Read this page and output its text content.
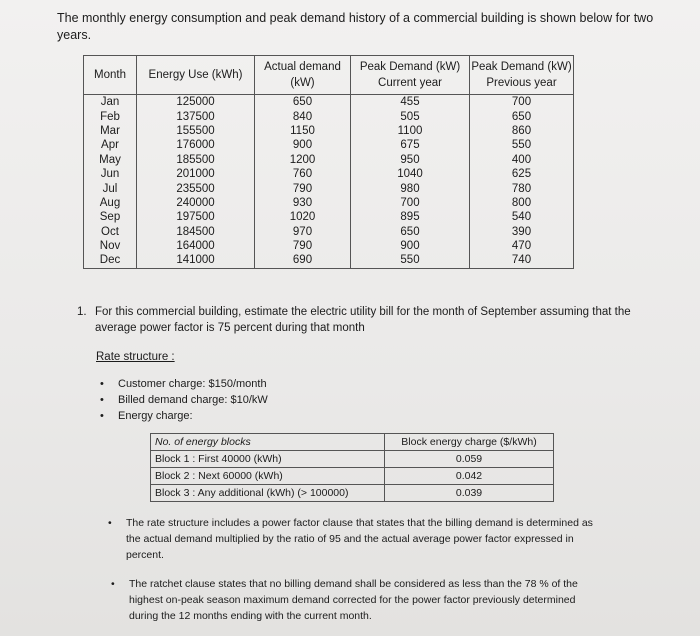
The monthly energy consumption and peak demand history of a commercial building is shown below for two years.
Month	Energy Use (kWh)	Actual demand (kW)	Peak Demand (kW) Current year	Peak Demand (kW) Previous year
Jan	125000	650	455	700
Feb	137500	840	505	650
Mar	155500	1150	1100	860
Apr	176000	900	675	550
May	185500	1200	950	400
Jun	201000	760	1040	625
Jul	235500	790	980	780
Aug	240000	930	700	800
Sep	197500	1020	895	540
Oct	184500	970	650	390
Nov	164000	790	900	470
Dec	141000	690	550	740
1. For this commercial building, estimate the electric utility bill for the month of September assuming that the average power factor is 75 percent during that month
Rate structure :
• Customer charge: $150/month
• Billed demand charge: $10/kW
• Energy charge:
No. of energy blocks	Block energy charge ($/kWh)
Block 1 : First 40000 (kWh)	0.059
Block 2 : Next 60000 (kWh)	0.042
Block 3 : Any additional (kWh) (> 100000)	0.039
• The rate structure includes a power factor clause that states that the billing demand is determined as the actual demand multiplied by the ratio of 95 and the actual average power factor expressed in percent.
• The ratchet clause states that no billing demand shall be considered as less than the 78 % of the highest on-peak season maximum demand corrected for the power factor previously determined during the 12 months ending with the current month.
